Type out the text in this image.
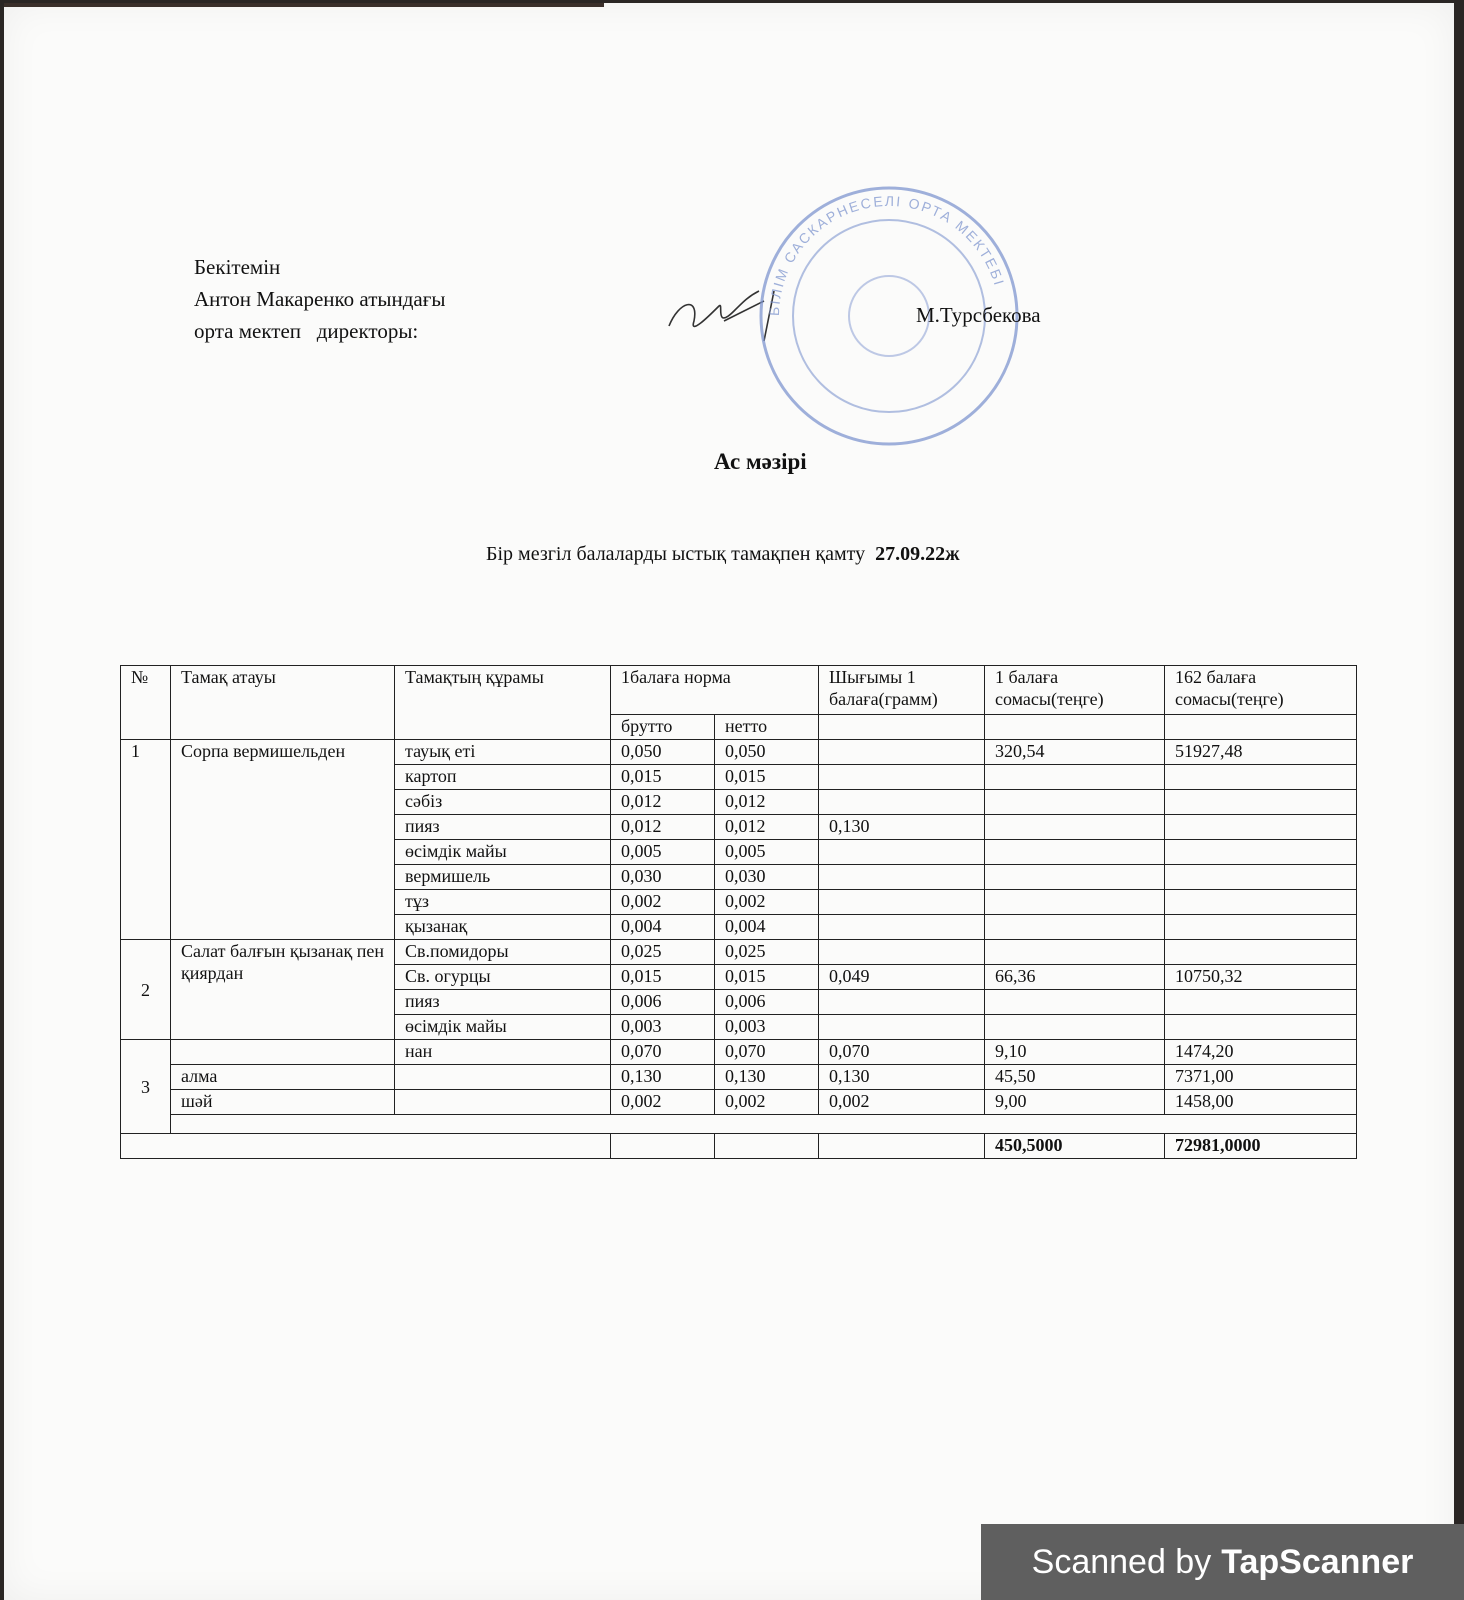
Бекітемін
Антон Макаренко атындағы
орта мектеп   директоры:
БІЛІМ САСКАРНЕСЕЛІ ОРТА МЕКТЕБІ
М.Турсбекова
Ас мәзірі
Бір мезгіл балаларды ыстық тамақпен қамту 27.09.22ж
№	Тамақ атауы	Тамақтың құрамы	1балаға норма		Шығымы 1 балаға(грамм)	1 балаға сомасы(теңге)	162 балаға сомасы(теңге)
			брутто	нетто			
1	Сорпа вермишельден	тауық еті	0,050	0,050		320,54	51927,48
		картоп	0,015	0,015			
		сәбіз	0,012	0,012			
		пияз	0,012	0,012	0,130		
		өсімдік майы	0,005	0,005			
		вермишель	0,030	0,030			
		тұз	0,002	0,002			
		қызанақ	0,004	0,004			
2	Салат балғын қызанақ пен қиярдан	Св.помидоры	0,025	0,025			
		Св. огурцы	0,015	0,015	0,049	66,36	10750,32
		пияз	0,006	0,006			
		өсімдік майы	0,003	0,003			
3		нан	0,070	0,070	0,070	9,10	1474,20
	алма		0,130	0,130	0,130	45,50	7371,00
	шәй		0,002	0,002	0,002	9,00	1458,00

						450,5000	72981,0000
Scanned by TapScanner
